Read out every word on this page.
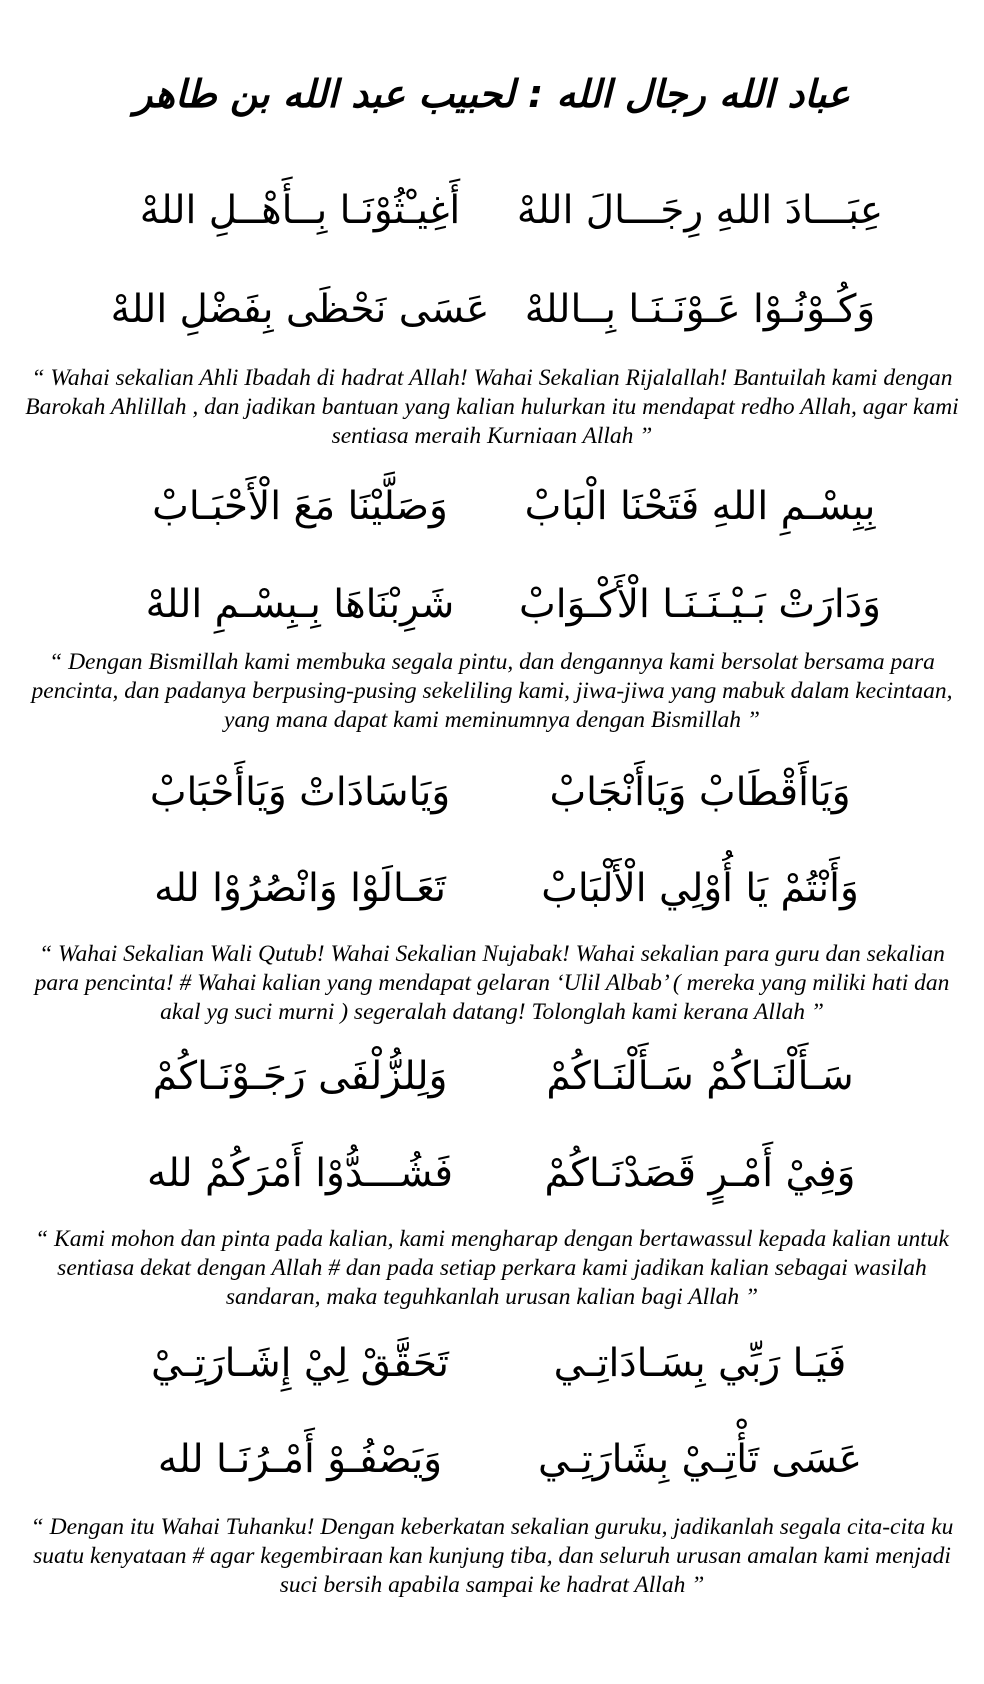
عباد الله رجال الله : لحبيب عبد الله بن طاهر
عِبَـــادَ اللهِ رِجَـــالَ اللهْ
أَغِيـْثُوْنَـا بِــأَهْــلِ اللهْ
وَكُـوْنُـوْا عَـوْنَـنَـا بِــاللهْ
عَسَى نَحْظَى بِفَضْلِ اللهْ
“ Wahai sekalian Ahli Ibadah di hadrat Allah! Wahai Sekalian Rijalallah! Bantuilah kami dengan Barokah Ahlillah , dan jadikan bantuan yang kalian hulurkan itu mendapat redho Allah, agar kami sentiasa meraih Kurniaan Allah ”
بِبِسْـمِ اللهِ فَتَحْنَا الْبَابْ
وَصَلَّيْنَا مَعَ الْأَحْبَـابْ
وَدَارَتْ بَـيْـنَـنَـا الْأَكْـوَابْ
شَرِبْنَاهَا بِـبِسْـمِ اللهْ
“ Dengan Bismillah kami membuka segala pintu, dan dengannya kami bersolat bersama para pencinta, dan padanya berpusing-pusing sekeliling kami, jiwa-jiwa yang mabuk dalam kecintaan, yang mana dapat kami meminumnya dengan Bismillah ”
وَيَاأَقْطَابْ وَيَاأَنْجَابْ
وَيَاسَادَاتْ وَيَاأَحْبَابْ
وَأَنْتُمْ يَا أُوْلِي الْأَلْبَابْ
تَعَـالَوْا وَانْصُرُوْا لله
“ Wahai Sekalian Wali Qutub! Wahai Sekalian Nujabak! Wahai sekalian para guru dan sekalian para pencinta! # Wahai kalian yang mendapat gelaran ‘Ulil Albab’ ( mereka yang miliki hati dan akal yg suci murni ) segeralah datang! Tolonglah kami kerana Allah ”
سَـأَلْنَـاكُمْ سَـأَلْنَـاكُمْ
وَلِلزُّلْفَى رَجَـوْنَـاكُمْ
وَفِيْ أَمْـرٍ قَصَدْنَـاكُمْ
فَشُـــدُّوْا أَمْرَكُمْ لله
“ Kami mohon dan pinta pada kalian, kami mengharap dengan bertawassul kepada kalian untuk sentiasa dekat dengan Allah # dan pada setiap perkara kami jadikan kalian sebagai wasilah sandaran, maka teguhkanlah urusan kalian bagi Allah ”
فَيَـا رَبِّي بِسَـادَاتِـي
تَحَقَّقْ لِيْ إِشَـارَتِـيْ
عَسَى تَأْتِـيْ بِشَارَتِـي
وَيَصْفُـوْ أَمْـرُنَـا لله
“ Dengan itu Wahai Tuhanku! Dengan keberkatan sekalian guruku, jadikanlah segala cita-cita ku suatu kenyataan # agar kegembiraan kan kunjung tiba, dan seluruh urusan amalan kami menjadi suci bersih apabila sampai ke hadrat Allah ”
